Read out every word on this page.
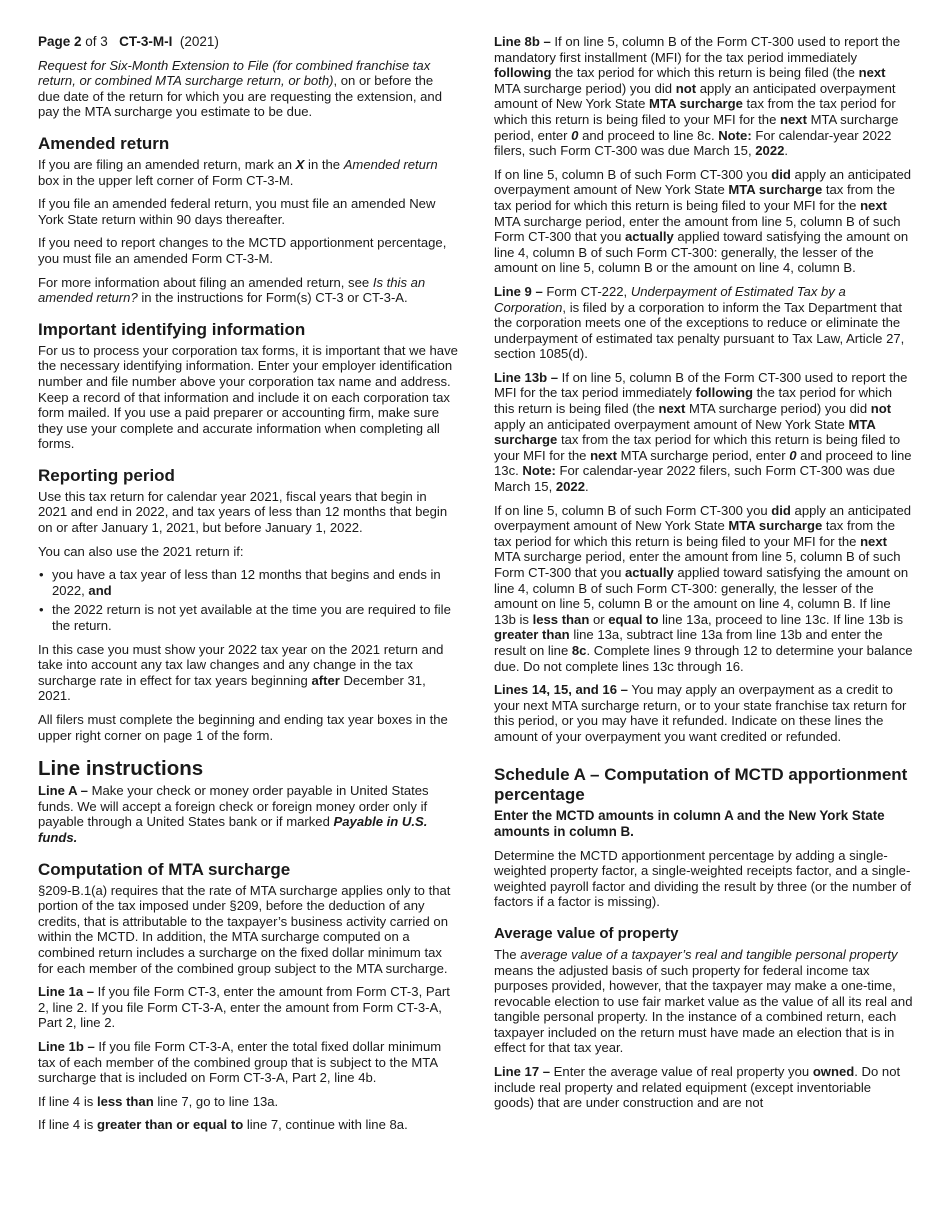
Page 2 of 3 CT-3-M-I (2021)

Request for Six-Month Extension to File (for combined franchise tax return, or combined MTA surcharge return, or both), on or before the due date of the return for which you are requesting the extension, and pay the MTA surcharge you estimate to be due.

Amended return

If you are filing an amended return, mark an X in the Amended return box in the upper left corner of Form CT-3-M.

If you file an amended federal return, you must file an amended New York State return within 90 days thereafter.

If you need to report changes to the MCTD apportionment percentage, you must file an amended Form CT-3-M.

For more information about filing an amended return, see Is this an amended return? in the instructions for Form(s) CT-3 or CT-3-A.

Important identifying information

For us to process your corporation tax forms, it is important that we have the necessary identifying information. Enter your employer identification number and file number above your corporation tax name and address. Keep a record of that information and include it on each corporation tax form mailed. If you use a paid preparer or accounting firm, make sure they use your complete and accurate information when completing all forms.

Reporting period

Use this tax return for calendar year 2021, fiscal years that begin in 2021 and end in 2022, and tax years of less than 12 months that begin on or after January 1, 2021, but before January 1, 2022.

You can also use the 2021 return if:

• you have a tax year of less than 12 months that begins and ends in 2022, and
• the 2022 return is not yet available at the time you are required to file the return.

In this case you must show your 2022 tax year on the 2021 return and take into account any tax law changes and any change in the tax surcharge rate in effect for tax years beginning after December 31, 2021.

All filers must complete the beginning and ending tax year boxes in the upper right corner on page 1 of the form.

Line instructions

Line A – Make your check or money order payable in United States funds. We will accept a foreign check or foreign money order only if payable through a United States bank or if marked Payable in U.S. funds.

Computation of MTA surcharge

§209-B.1(a) requires that the rate of MTA surcharge applies only to that portion of the tax imposed under §209, before the deduction of any credits, that is attributable to the taxpayer’s business activity carried on within the MCTD. In addition, the MTA surcharge computed on a combined return includes a surcharge on the fixed dollar minimum tax for each member of the combined group subject to the MTA surcharge.

Line 1a – If you file Form CT-3, enter the amount from Form CT-3, Part 2, line 2. If you file Form CT-3-A, enter the amount from Form CT-3-A, Part 2, line 2.

Line 1b – If you file Form CT-3-A, enter the total fixed dollar minimum tax of each member of the combined group that is subject to the MTA surcharge that is included on Form CT-3-A, Part 2, line 4b.

If line 4 is less than line 7, go to line 13a.

If line 4 is greater than or equal to line 7, continue with line 8a.

Line 8b – If on line 5, column B of the Form CT-300 used to report the mandatory first installment (MFI) for the tax period immediately following the tax period for which this return is being filed (the next MTA surcharge period) you did not apply an anticipated overpayment amount of New York State MTA surcharge tax from the tax period for which this return is being filed to your MFI for the next MTA surcharge period, enter 0 and proceed to line 8c. Note: For calendar-year 2022 filers, such Form CT-300 was due March 15, 2022.

If on line 5, column B of such Form CT-300 you did apply an anticipated overpayment amount of New York State MTA surcharge tax from the tax period for which this return is being filed to your MFI for the next MTA surcharge period, enter the amount from line 5, column B of such Form CT-300 that you actually applied toward satisfying the amount on line 4, column B of such Form CT-300: generally, the lesser of the amount on line 5, column B or the amount on line 4, column B.

Line 9 – Form CT-222, Underpayment of Estimated Tax by a Corporation, is filed by a corporation to inform the Tax Department that the corporation meets one of the exceptions to reduce or eliminate the underpayment of estimated tax penalty pursuant to Tax Law, Article 27, section 1085(d).

Line 13b – If on line 5, column B of the Form CT-300 used to report the MFI for the tax period immediately following the tax period for which this return is being filed (the next MTA surcharge period) you did not apply an anticipated overpayment amount of New York State MTA surcharge tax from the tax period for which this return is being filed to your MFI for the next MTA surcharge period, enter 0 and proceed to line 13c. Note: For calendar-year 2022 filers, such Form CT-300 was due March 15, 2022.

If on line 5, column B of such Form CT-300 you did apply an anticipated overpayment amount of New York State MTA surcharge tax from the tax period for which this return is being filed to your MFI for the next MTA surcharge period, enter the amount from line 5, column B of such Form CT-300 that you actually applied toward satisfying the amount on line 4, column B of such Form CT-300: generally, the lesser of the amount on line 5, column B or the amount on line 4, column B. If line 13b is less than or equal to line 13a, proceed to line 13c. If line 13b is greater than line 13a, subtract line 13a from line 13b and enter the result on line 8c. Complete lines 9 through 12 to determine your balance due. Do not complete lines 13c through 16.

Lines 14, 15, and 16 – You may apply an overpayment as a credit to your next MTA surcharge return, or to your state franchise tax return for this period, or you may have it refunded. Indicate on these lines the amount of your overpayment you want credited or refunded.

Schedule A – Computation of MCTD apportionment percentage
Enter the MCTD amounts in column A and the New York State amounts in column B.

Determine the MCTD apportionment percentage by adding a single-weighted property factor, a single-weighted receipts factor, and a single-weighted payroll factor and dividing the result by three (or the number of factors if a factor is missing).

Average value of property

The average value of a taxpayer’s real and tangible personal property means the adjusted basis of such property for federal income tax purposes provided, however, that the taxpayer may make a one-time, revocable election to use fair market value as the value of all its real and tangible personal property. In the instance of a combined return, each taxpayer included on the return must have made an election that is in effect for that tax year.

Line 17 – Enter the average value of real property you owned. Do not include real property and related equipment (except inventoriable goods) that are under construction and are not
